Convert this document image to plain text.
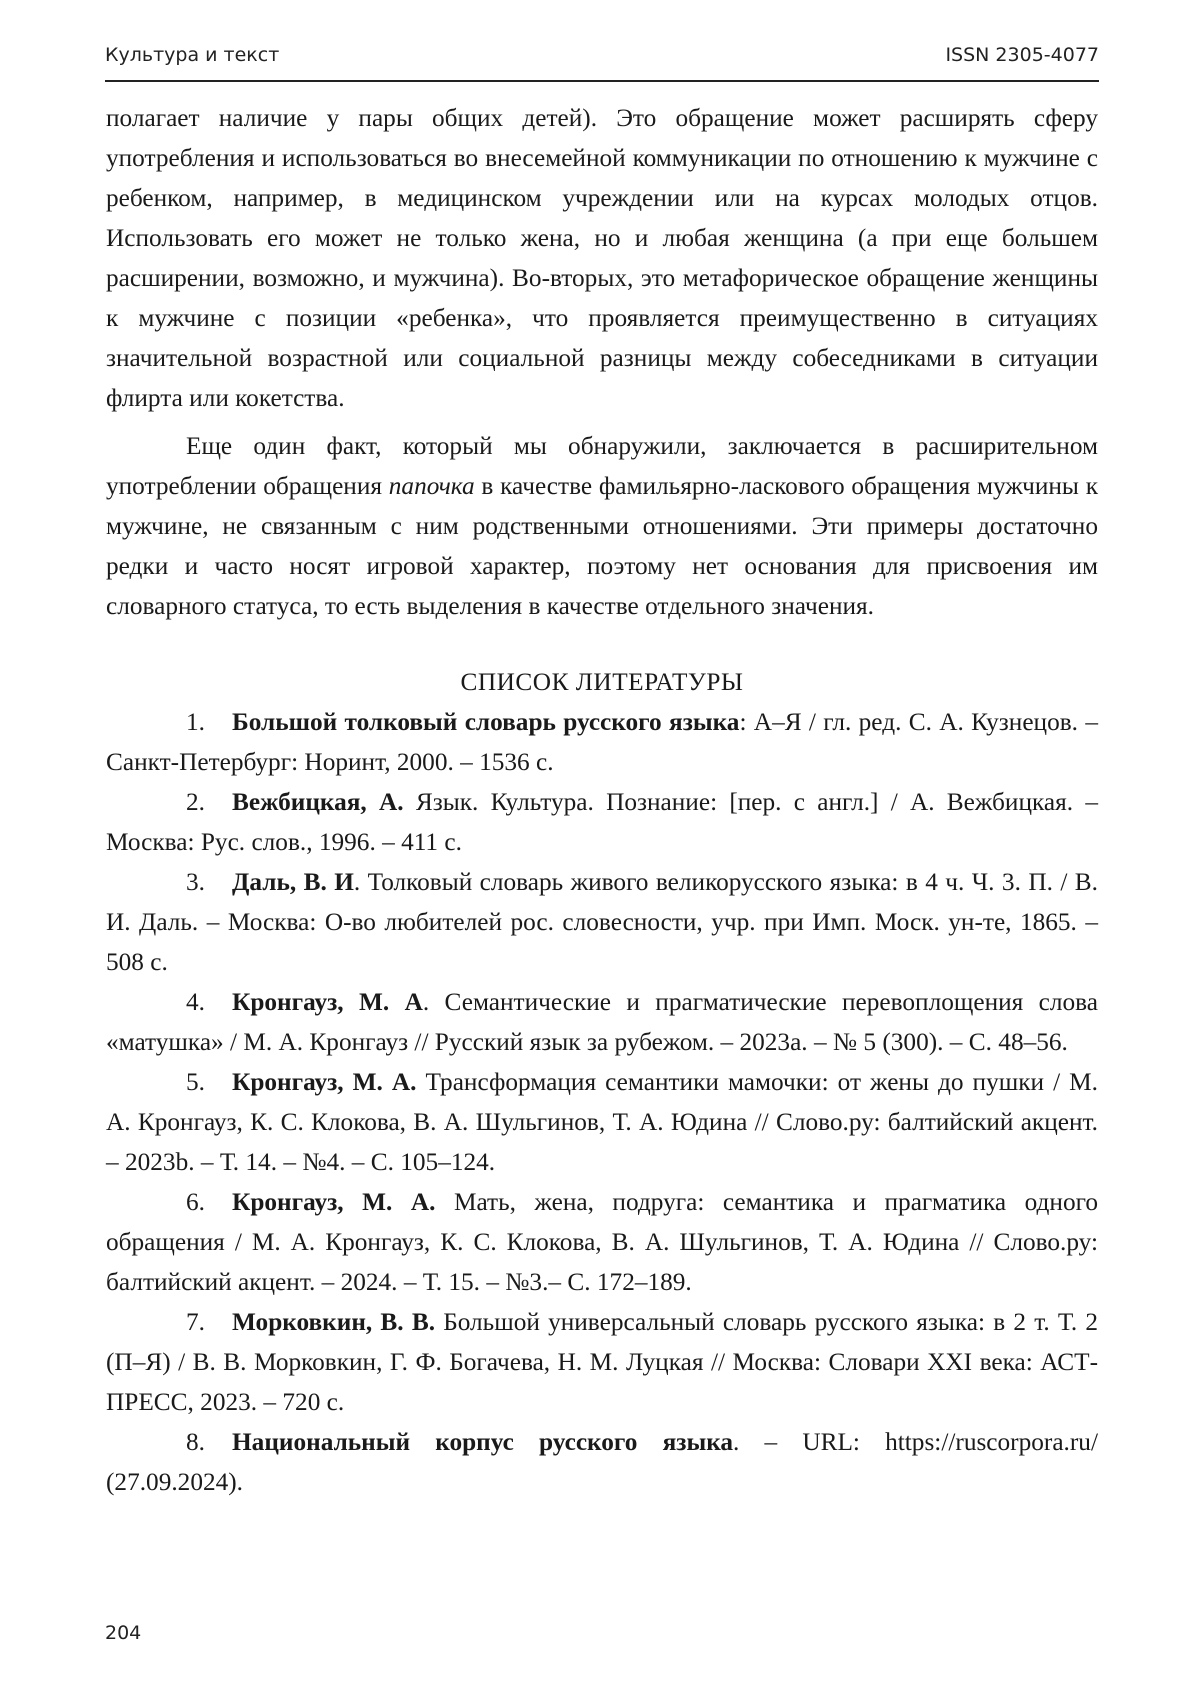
Культура и текст	ISSN 2305-4077

полагает наличие у пары общих детей). Это обращение может расширять сферу употребления и использоваться во внесемейной коммуникации по отношению к мужчине с ребенком, например, в медицинском учреждении или на курсах молодых отцов. Использовать его может не только жена, но и любая женщина (а при еще большем расширении, возможно, и мужчина). Во-вторых, это метафорическое обращение женщины к мужчине с позиции «ребенка», что проявляется преимущественно в ситуациях значительной возрастной или социальной разницы между собеседниками в ситуации флирта или кокетства.

Еще один факт, который мы обнаружили, заключается в расширительном употреблении обращения папочка в качестве фамильярно-ласкового обращения мужчины к мужчине, не связанным с ним родственными отношениями. Эти примеры достаточно редки и часто носят игровой характер, поэтому нет основания для присвоения им словарного статуса, то есть выделения в качестве отдельного значения.

СПИСОК ЛИТЕРАТУРЫ

1. Большой толковый словарь русского языка: А–Я / гл. ред. С. А. Кузнецов. – Санкт-Петербург: Норинт, 2000. – 1536 с.

2. Вежбицкая, А. Язык. Культура. Познание: [пер. с англ.] / А. Вежбицкая. – Москва: Рус. слов., 1996. – 411 с.

3. Даль, В. И. Толковый словарь живого великорусского языка: в 4 ч. Ч. 3. П. / В. И. Даль. – Москва: О-во любителей рос. словесности, учр. при Имп. Моск. ун-те, 1865. – 508 с.

4. Кронгауз, М. А. Семантические и прагматические перевоплощения слова «матушка» / М. А. Кронгауз // Русский язык за рубежом. – 2023a. – № 5 (300). – С. 48–56.

5. Кронгауз, М. А. Трансформация семантики мамочки: от жены до пушки / М. А. Кронгауз, К. С. Клокова, В. А. Шульгинов, Т. А. Юдина // Слово.ру: балтийский акцент. – 2023b. – Т. 14. – №4. – С. 105–124.

6. Кронгауз, М. А. Мать, жена, подруга: семантика и прагматика одного обращения / М. А. Кронгауз, К. С. Клокова, В. А. Шульгинов, Т. А. Юдина // Слово.ру: балтийский акцент. – 2024. – Т. 15. – №3.– С. 172–189.

7. Морковкин, В. В. Большой универсальный словарь русского языка: в 2 т. Т. 2 (П–Я) / В. В. Морковкин, Г. Ф. Богачева, Н. М. Луцкая // Москва: Словари XXI века: АСТ-ПРЕСС, 2023. – 720 с.

8. Национальный корпус русского языка. – URL: https://ruscorpora.ru/ (27.09.2024).

204
